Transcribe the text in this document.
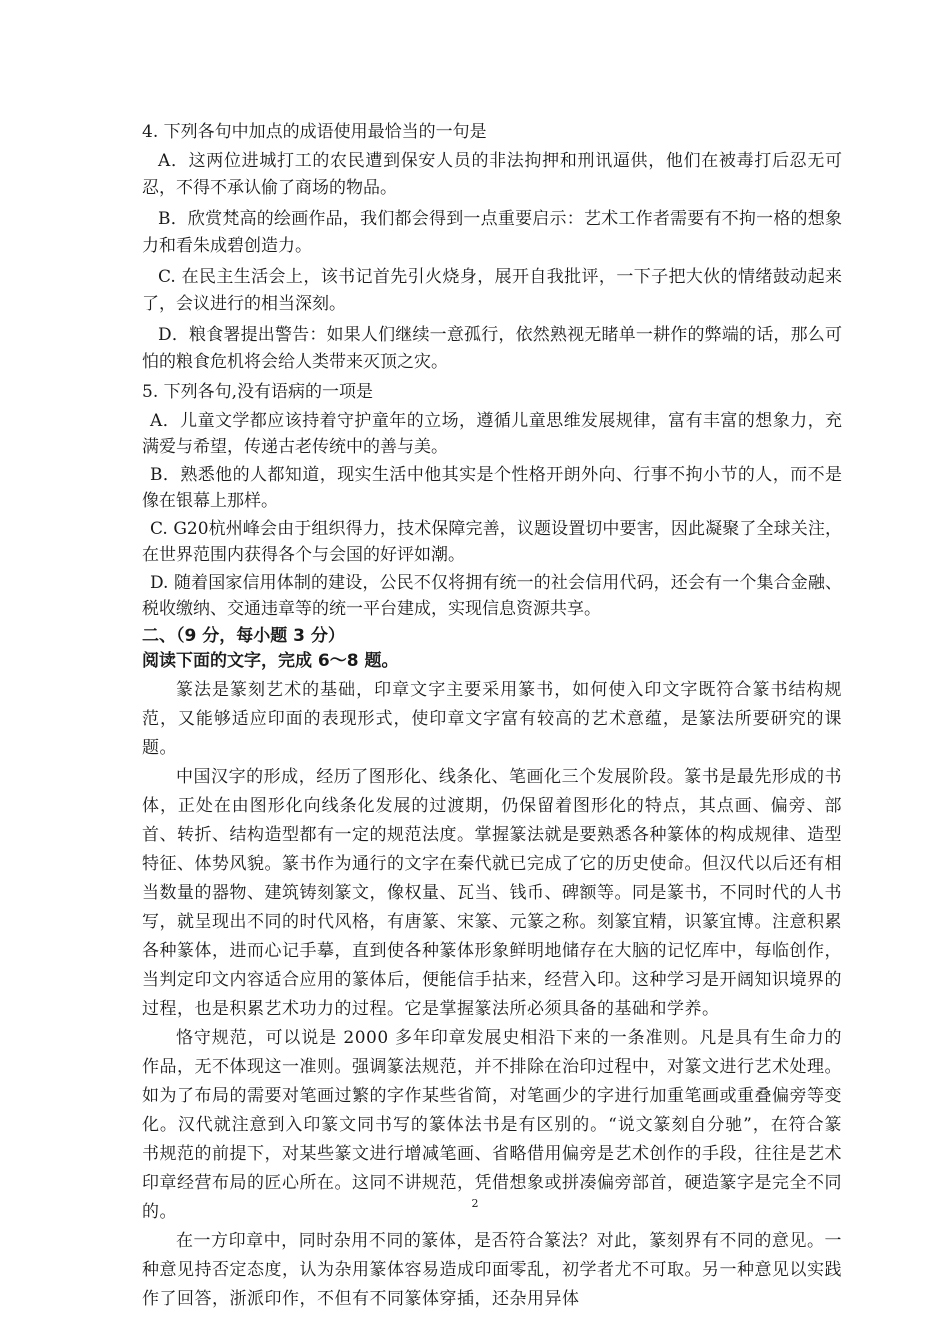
4. 下列各句中加点的成语使用最恰当的一句是

A．这两位进城打工的农民遭到保安人员的非法拘押和刑讯逼供，他们在被毒打后忍无可忍，不得不承认偷了商场的物品。

B．欣赏梵高的绘画作品，我们都会得到一点重要启示：艺术工作者需要有不拘一格的想象力和看朱成碧创造力。

C. 在民主生活会上，该书记首先引火烧身，展开自我批评，一下子把大伙的情绪鼓动起来了，会议进行的相当深刻。

D．粮食署提出警告：如果人们继续一意孤行，依然熟视无睹单一耕作的弊端的话，那么可怕的粮食危机将会给人类带来灭顶之灾。

5. 下列各句,没有语病的一项是

A．儿童文学都应该持着守护童年的立场，遵循儿童思维发展规律，富有丰富的想象力，充满爱与希望，传递古老传统中的善与美。

B．熟悉他的人都知道，现实生活中他其实是个性格开朗外向、行事不拘小节的人，而不是像在银幕上那样。

C. G20杭州峰会由于组织得力，技术保障完善，议题设置切中要害，因此凝聚了全球关注，在世界范围内获得各个与会国的好评如潮。

D. 随着国家信用体制的建设，公民不仅将拥有统一的社会信用代码，还会有一个集合金融、税收缴纳、交通违章等的统一平台建成，实现信息资源共享。

二、（9 分，每小题 3 分）

阅读下面的文字，完成 6～8 题。

篆法是篆刻艺术的基础，印章文字主要采用篆书，如何使入印文字既符合篆书结构规范，又能够适应印面的表现形式，使印章文字富有较高的艺术意蕴，是篆法所要研究的课题。

中国汉字的形成，经历了图形化、线条化、笔画化三个发展阶段。篆书是最先形成的书体，正处在由图形化向线条化发展的过渡期，仍保留着图形化的特点，其点画、偏旁、部首、转折、结构造型都有一定的规范法度。掌握篆法就是要熟悉各种篆体的构成规律、造型特征、体势风貌。篆书作为通行的文字在秦代就已完成了它的历史使命。但汉代以后还有相当数量的器物、建筑铸刻篆文，像权量、瓦当、钱币、碑额等。同是篆书，不同时代的人书写，就呈现出不同的时代风格，有唐篆、宋篆、元篆之称。刻篆宜精，识篆宜博。注意积累各种篆体，进而心记手摹，直到使各种篆体形象鲜明地储存在大脑的记忆库中，每临创作，当判定印文内容适合应用的篆体后，便能信手拈来，经营入印。这种学习是开阔知识境界的过程，也是积累艺术功力的过程。它是掌握篆法所必须具备的基础和学养。

恪守规范，可以说是 2000 多年印章发展史相沿下来的一条准则。凡是具有生命力的作品，无不体现这一准则。强调篆法规范，并不排除在治印过程中，对篆文进行艺术处理。如为了布局的需要对笔画过繁的字作某些省简，对笔画少的字进行加重笔画或重叠偏旁等变化。汉代就注意到入印篆文同书写的篆体法书是有区别的。“说文篆刻自分驰”，在符合篆书规范的前提下，对某些篆文进行增减笔画、省略借用偏旁是艺术创作的手段，往往是艺术印章经营布局的匠心所在。这同不讲规范，凭借想象或拼凑偏旁部首，硬造篆字是完全不同的。

在一方印章中，同时杂用不同的篆体，是否符合篆法？对此，篆刻界有不同的意见。一种意见持否定态度，认为杂用篆体容易造成印面零乱，初学者尤不可取。另一种意见以实践作了回答，浙派印作，不但有不同篆体穿插，还杂用异体

2
